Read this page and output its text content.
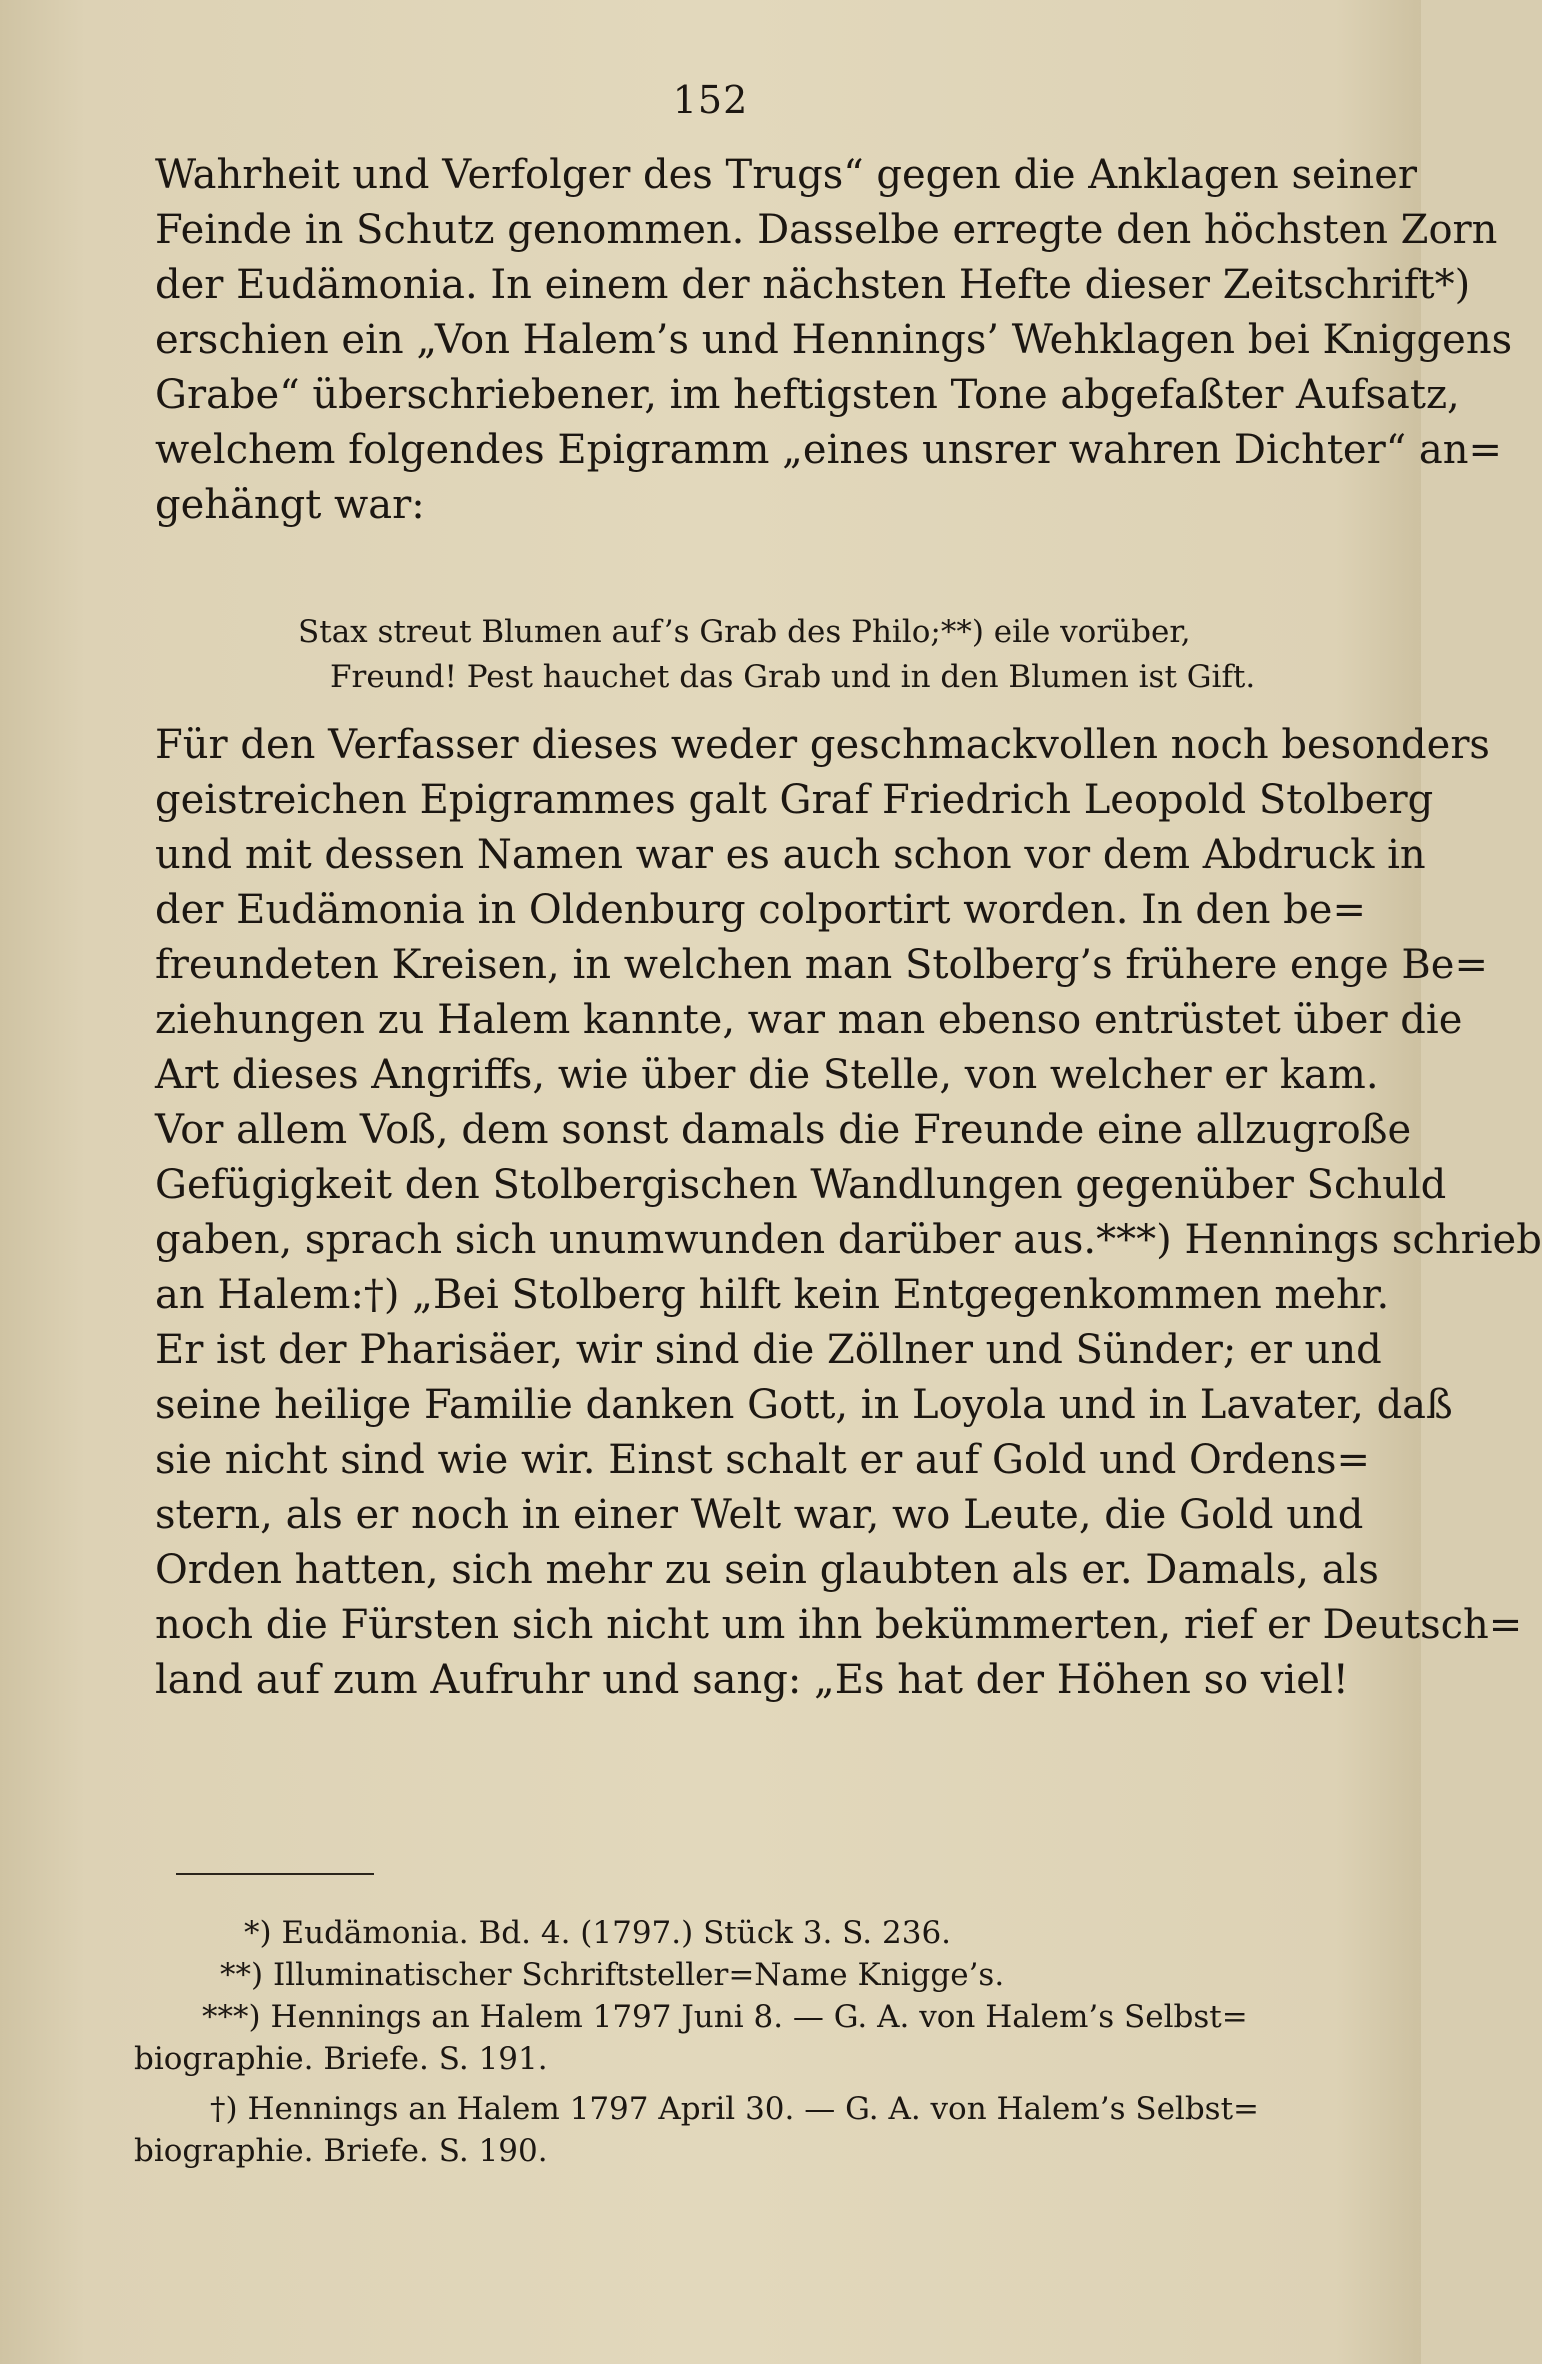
152
Wahrheit und Verfolger des Trugs“ gegen die Anklagen seiner
Feinde in Schutz genommen. Dasselbe erregte den höchsten Zorn
der Eudämonia. In einem der nächsten Hefte dieser Zeitschrift*)
erschien ein „Von Halem’s und Hennings’ Wehklagen bei Kniggens
Grabe“ überschriebener, im heftigsten Tone abgefaßter Aufsatz,
welchem folgendes Epigramm „eines unsrer wahren Dichter“ an=
gehängt war:
Stax streut Blumen auf’s Grab des Philo;**) eile vorüber,
Freund! Pest hauchet das Grab und in den Blumen ist Gift.
Für den Verfasser dieses weder geschmackvollen noch besonders
geistreichen Epigrammes galt Graf Friedrich Leopold Stolberg
und mit dessen Namen war es auch schon vor dem Abdruck in
der Eudämonia in Oldenburg colportirt worden. In den be=
freundeten Kreisen, in welchen man Stolberg’s frühere enge Be=
ziehungen zu Halem kannte, war man ebenso entrüstet über die
Art dieses Angriffs, wie über die Stelle, von welcher er kam.
Vor allem Voß, dem sonst damals die Freunde eine allzugroße
Gefügigkeit den Stolbergischen Wandlungen gegenüber Schuld
gaben, sprach sich unumwunden darüber aus.***) Hennings schrieb
an Halem:†) „Bei Stolberg hilft kein Entgegenkommen mehr.
Er ist der Pharisäer, wir sind die Zöllner und Sünder; er und
seine heilige Familie danken Gott, in Loyola und in Lavater, daß
sie nicht sind wie wir. Einst schalt er auf Gold und Ordens=
stern, als er noch in einer Welt war, wo Leute, die Gold und
Orden hatten, sich mehr zu sein glaubten als er. Damals, als
noch die Fürsten sich nicht um ihn bekümmerten, rief er Deutsch=
land auf zum Aufruhr und sang: „Es hat der Höhen so viel!
*) Eudämonia. Bd. 4. (1797.) Stück 3. S. 236.
**) Illuminatischer Schriftsteller=Name Knigge’s.
***) Hennings an Halem 1797 Juni 8. — G. A. von Halem’s Selbst=
biographie. Briefe. S. 191.
†) Hennings an Halem 1797 April 30. — G. A. von Halem’s Selbst=
biographie. Briefe. S. 190.
